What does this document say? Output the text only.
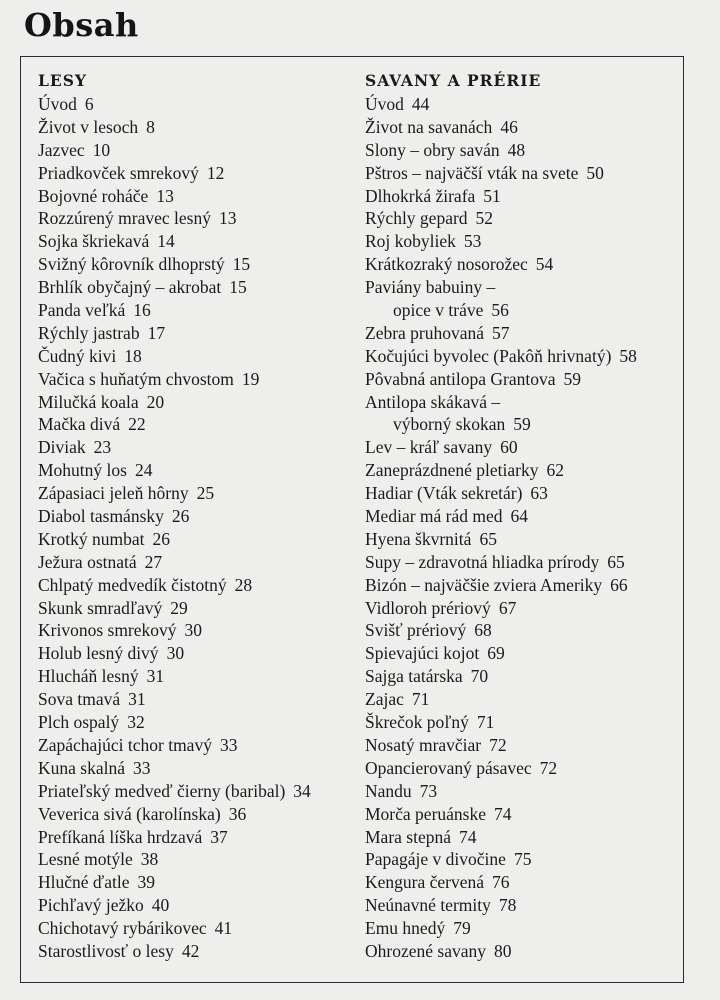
Obsah
LESY
Úvod 6
Život v lesoch 8
Jazvec 10
Priadkovček smrekový 12
Bojovné roháče 13
Rozzúrený mravec lesný 13
Sojka škriekavá 14
Svižný kôrovník dlhoprstý 15
Brhlík obyčajný – akrobat 15
Panda veľká 16
Rýchly jastrab 17
Čudný kivi 18
Vačica s huňatým chvostom 19
Milučká koala 20
Mačka divá 22
Diviak 23
Mohutný los 24
Zápasiaci jeleň hôrny 25
Diabol tasmánsky 26
Krotký numbat 26
Ježura ostnatá 27
Chlpatý medvedík čistotný 28
Skunk smradľavý 29
Krivonos smrekový 30
Holub lesný divý 30
Hlucháň lesný 31
Sova tmavá 31
Plch ospalý 32
Zapáchajúci tchor tmavý 33
Kuna skalná 33
Priateľský medveď čierny (baribal) 34
Veverica sivá (karolínska) 36
Prefíkaná líška hrdzavá 37
Lesné motýle 38
Hlučné ďatle 39
Pichľavý ježko 40
Chichotavý rybárikovec 41
Starostlivosť o lesy 42
SAVANY A PRÉRIE
Úvod 44
Život na savanách 46
Slony – obry saván 48
Pštros – najväčší vták na svete 50
Dlhokrká žirafa 51
Rýchly gepard 52
Roj kobyliek 53
Krátkozraký nosorožec 54
Paviány babuiny –
opice v tráve 56
Zebra pruhovaná 57
Kočujúci byvolec (Pakôň hrivnatý) 58
Pôvabná antilopa Grantova 59
Antilopa skákavá –
výborný skokan 59
Lev – kráľ savany 60
Zaneprázdnené pletiarky 62
Hadiar (Vták sekretár) 63
Mediar má rád med 64
Hyena škvrnitá 65
Supy – zdravotná hliadka prírody 65
Bizón – najväčšie zviera Ameriky 66
Vidloroh prériový 67
Svišť prériový 68
Spievajúci kojot 69
Sajga tatárska 70
Zajac 71
Škrečok poľný 71
Nosatý mravčiar 72
Opancierovaný pásavec 72
Nandu 73
Morča peruánske 74
Mara stepná 74
Papagáje v divočine 75
Kengura červená 76
Neúnavné termity 78
Emu hnedý 79
Ohrozené savany 80
